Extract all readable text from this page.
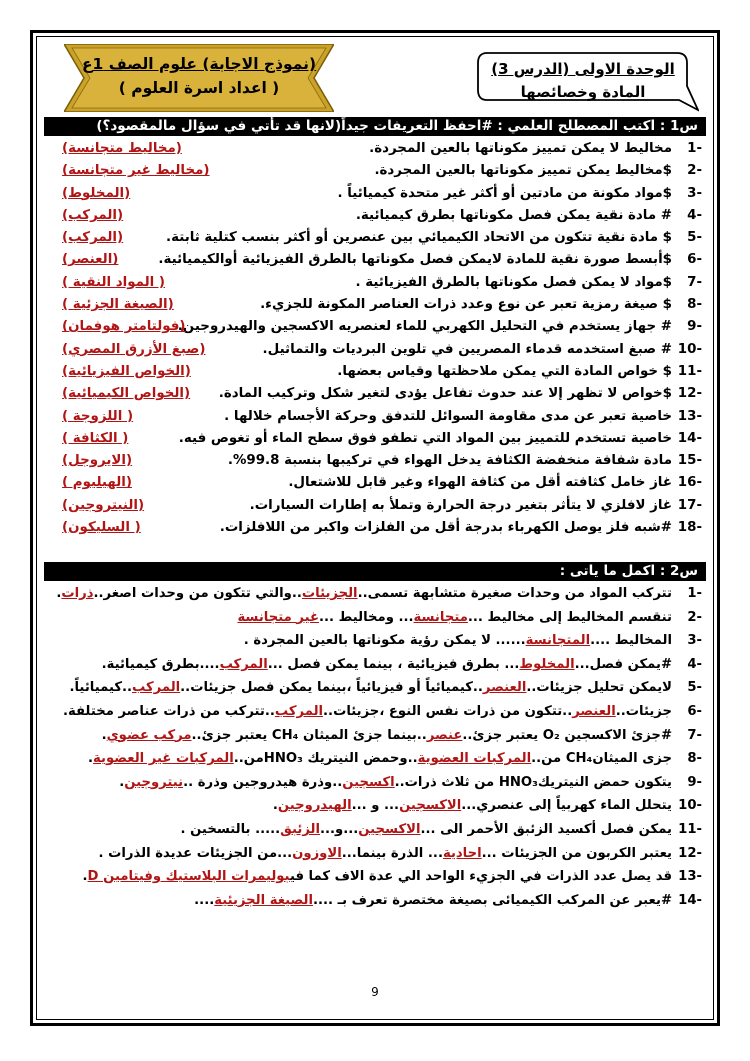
(نموذج الاجابة) علوم الصف 1ع
( اعداد اسرة العلوم )
الوحدة الاولى (الدرس 3)
المادة وخصائصها
س1 : اكتب المصطلح العلمي : #احفظ التعريفات جيداً(لانها قد تأتي في سؤال مالمقصود؟)
-1
مخاليط لا يمكن تمييز مكوناتها بالعين المجردة.
(مخاليط متجانسة)
-2
$مخاليط يمكن تمييز مكوناتها بالعين المجردة.
(مخاليط غير متجانسة)
-3
$مواد مكونة من مادتين أو أكثر غير متحدة كيميائياً .
(المخلوط)
-4
# مادة نقية يمكن فصل مكوناتها بطرق كيميائية.
(المركب)
-5
$ مادة نقية تتكون من الاتحاد الكيميائي بين عنصرين أو أكثر بنسب كتلية ثابتة.
(المركب)
-6
$أبسط صورة نقية للمادة لايمكن فصل مكوناتها بالطرق الفيزيائية أوالكيميائية.
(العنصر)
-7
$مواد لا يمكن فصل مكوناتها بالطرق الفيزيائية .
( المواد النقية )
-8
$ صيغة رمزية تعبر عن نوع وعدد ذرات العناصر المكونة للجزيء.
(الصيغة الجزئية )
-9
# جهاز يستخدم في التحليل الكهربي للماء لعنصريه الاكسجين والهيدروجين.
(فولتامتر هوفمان)
-10
# صبغ استخدمه قدماء المصريين في تلوين البرديات والتماثيل.
(صبغ الأزرق المصري)
-11
$ خواص المادة التي يمكن ملاحظتها وقياس بعضها.
(الخواص الفيزيائية)
-12
$خواص لا تظهر إلا عند حدوث تفاعل يؤدى لتغير شكل وتركيب المادة.
(الخواص الكيميائية)
-13
خاصية تعبر عن مدى مقاومة السوائل للتدفق وحركة الأجسام خلالها .
( اللزوجة )
-14
خاصية تستخدم للتمييز بين المواد التي تطفو فوق سطح الماء أو تغوص فيه.
( الكثافة )
-15
مادة شفافة منخفضة الكثافة يدخل الهواء في تركيبها بنسبة 99.8%.
(الايروجل)
-16
غاز خامل كثافته أقل من كثافة الهواء وغير قابل للاشتعال.
(الهيليوم )
-17
غاز لافلزي لا يتأثر بتغير درجة الحرارة وتملأ به إطارات السيارات.
(النيتروجين)
-18
#شبه فلز يوصل الكهرباء بدرجة أقل من الفلزات واكبر من اللافلزات.
( السليكون)
س2 : اكمل ما ياتى :
-1
تتركب المواد من وحدات صغيرة متشابهة تسمى..الجزيئات..والتي تتكون من وحدات اصغر..ذرات.
-2
تنقسم المخاليط إلى مخاليط ...متجانسة... ومخاليط ...غير متجانسة
-3
المخاليط ....المتجانسة...... لا يمكن رؤية مكوناتها بالعين المجردة .
-4
#يمكن فصل...المخلوط... بطرق فيزيائية ، بينما يمكن فصل ...المركب....بطرق كيميائية.
-5
لايمكن تحليل جزيئات..العنصر..كيميائياً أو فيزيائياً ،بينما يمكن فصل جزيئات..المركب..كيميائياً.
-6
جزيئات..العنصر..تتكون من ذرات نفس النوع ،جزيئات..المركب..تتركب من ذرات عناصر مختلفة.
-7
#جزئ الاكسجين O₂ يعتبر جزئ..عنصر..بينما جزئ الميثان CH₄ يعتبر جزئ..مركب عضوي.
-8
جزى الميثانCH₄ من..المركبات العضوية..وحمض النيتريك HNO₃من..المركبات غير العضوية.
-9
يتكون حمض النيتريكHNO₃ من ثلاث ذرات..اكسجين..وذرة هيدروجين وذرة ..نيتروجين.
-10
يتحلل الماء كهربياً إلى عنصري...الاكسجين... و ...الهيدروجين.
-11
يمكن فصل أكسيد الزئبق الأحمر الى ...الاكسجين...و...الزئبق..... بالتسخين .
-12
يعتبر الكربون من الجزيئات ...احادية... الذرة بينما...الاوزون...من الجزيئات عديدة الذرات .
-13
قد يصل عدد الذرات في الجزيء الواحد الي عدة الاف كما فيبوليمرات البلاستيك وفيتامين D.
-14
#يعبر عن المركب الكيميائى بصيغة مختصرة تعرف بـ ....الصيغة الجزيئية....
9
